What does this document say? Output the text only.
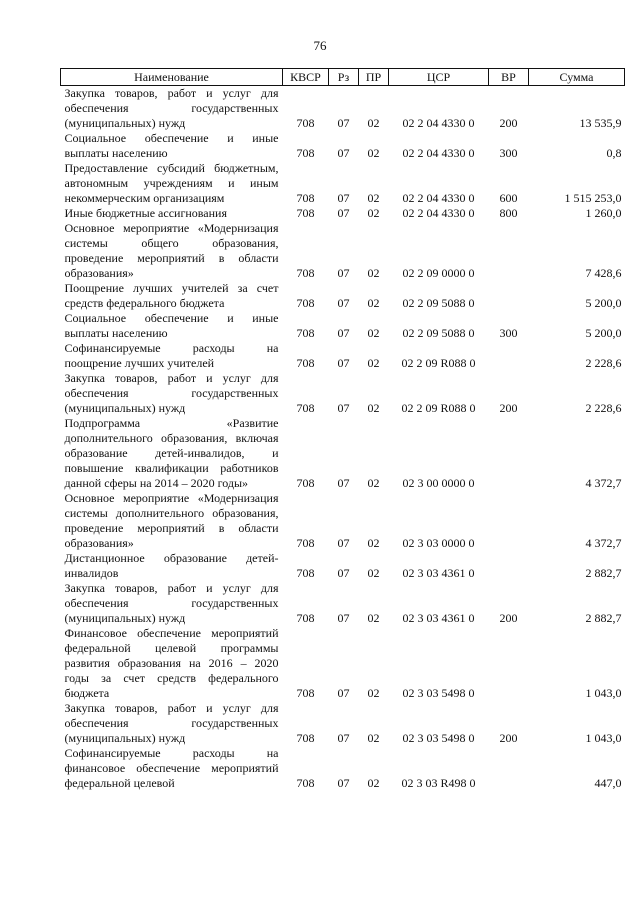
76
Наименование	КВСР	Рз	ПР	ЦСР	ВР	Сумма
Закупка товаров, работ и услуг для обеспечения государственных (муниципальных) нужд	708	07	02	02 2 04 4330 0	200	13 535,9
Социальное обеспечение и иные выплаты населению	708	07	02	02 2 04 4330 0	300	0,8
Предоставление субсидий бюджетным, автономным учреждениям и иным некоммерческим организациям	708	07	02	02 2 04 4330 0	600	1 515 253,0
Иные бюджетные ассигнования	708	07	02	02 2 04 4330 0	800	1 260,0
Основное мероприятие «Модернизация системы общего образования, проведение мероприятий в области образования»	708	07	02	02 2 09 0000 0		7 428,6
Поощрение лучших учителей за счет средств федерального бюджета	708	07	02	02 2 09 5088 0		5 200,0
Социальное обеспечение и иные выплаты населению	708	07	02	02 2 09 5088 0	300	5 200,0
Софинансируемые расходы на поощрение лучших учителей	708	07	02	02 2 09 R088 0		2 228,6
Закупка товаров, работ и услуг для обеспечения государственных (муниципальных) нужд	708	07	02	02 2 09 R088 0	200	2 228,6
Подпрограмма «Развитие дополнительного образования, включая образование детей-инвалидов, и повышение квалификации работников данной сферы на 2014 – 2020 годы»	708	07	02	02 3 00 0000 0		4 372,7
Основное мероприятие «Модернизация системы дополнительного образования, проведение мероприятий в области образования»	708	07	02	02 3 03 0000 0		4 372,7
Дистанционное образование детей-инвалидов	708	07	02	02 3 03 4361 0		2 882,7
Закупка товаров, работ и услуг для обеспечения государственных (муниципальных) нужд	708	07	02	02 3 03 4361 0	200	2 882,7
Финансовое обеспечение мероприятий федеральной целевой программы развития образования на 2016 – 2020 годы за счет средств федерального бюджета	708	07	02	02 3 03 5498 0		1 043,0
Закупка товаров, работ и услуг для обеспечения государственных (муниципальных) нужд	708	07	02	02 3 03 5498 0	200	1 043,0
Софинансируемые расходы на финансовое обеспечение мероприятий федеральной целевой	708	07	02	02 3 03 R498 0		447,0
